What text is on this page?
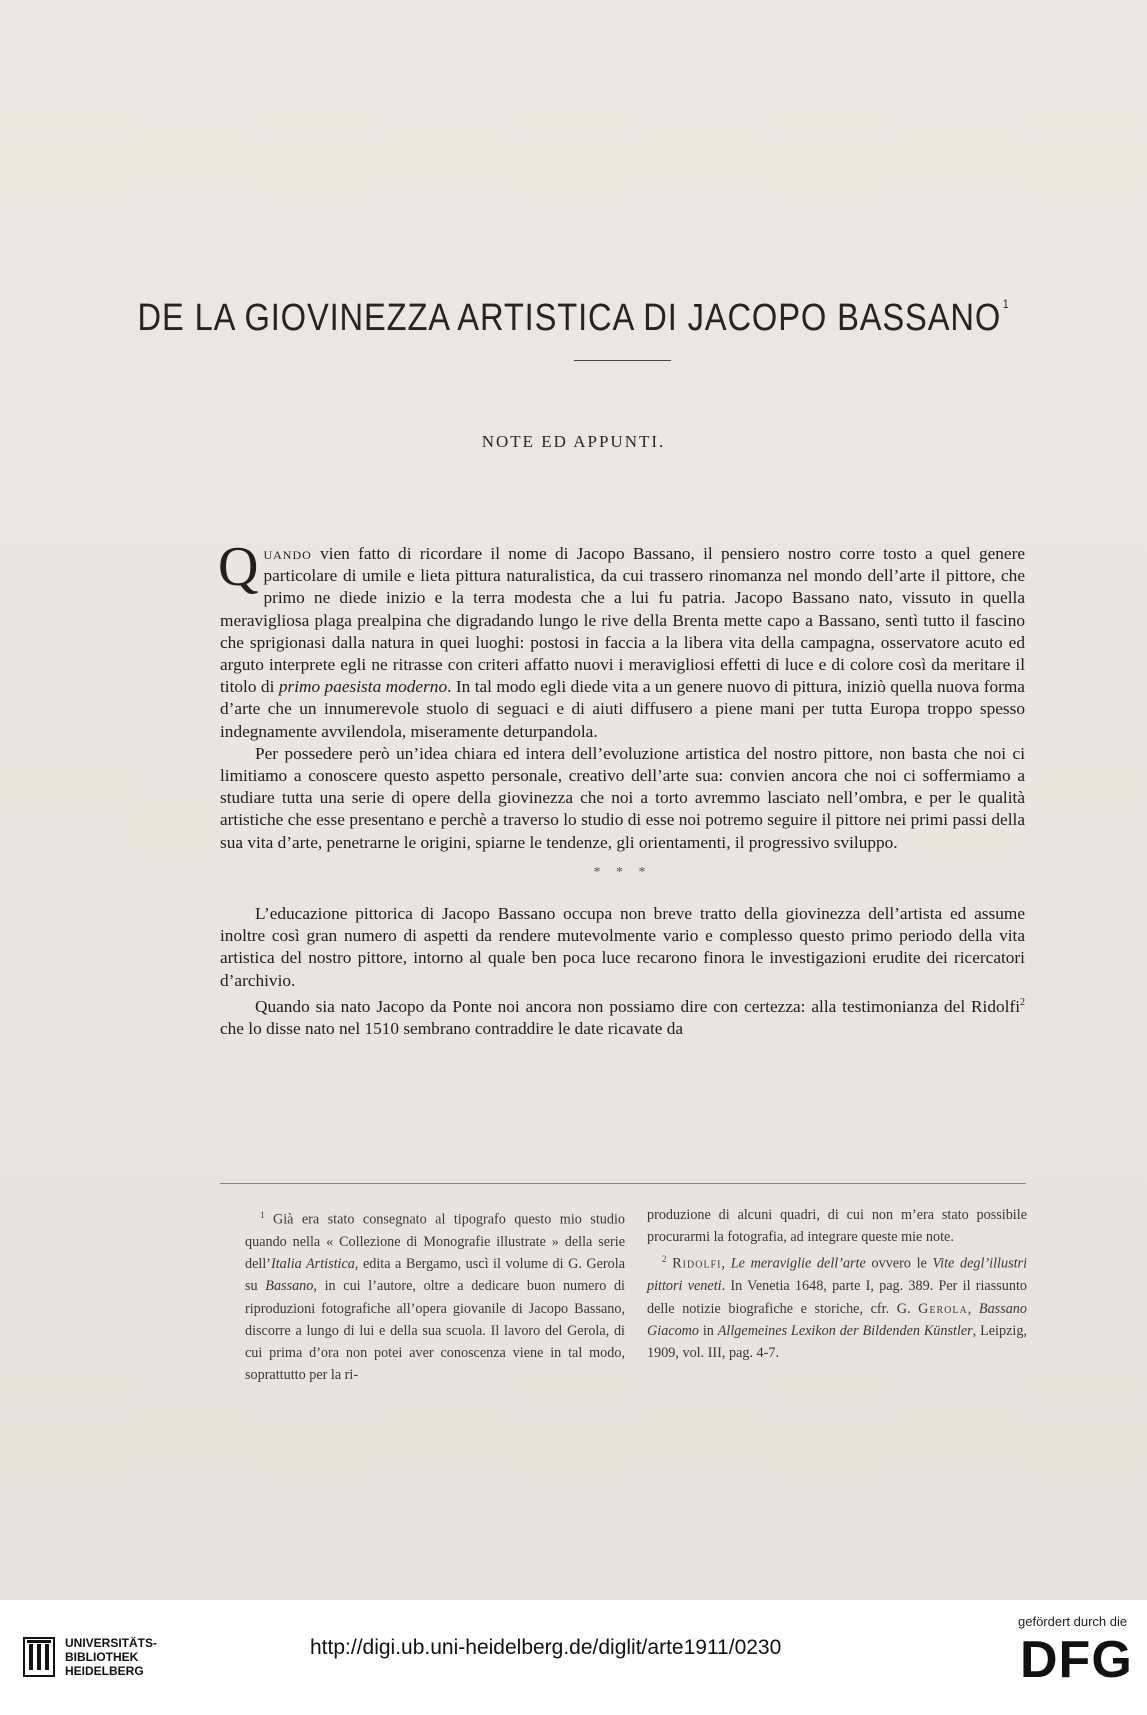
DE LA GIOVINEZZA ARTISTICA DI JACOPO BASSANO $^1$
NOTE ED APPUNTI.

Quando vien fatto di ricordare il nome di Jacopo Bassano, il pensiero nostro corre tosto a quel genere particolare di umile e lieta pittura naturalistica, da cui trassero rinomanza nel mondo dell’arte il pittore, che primo ne diede inizio e la terra modesta che a lui fu patria. Jacopo Bassano nato, vissuto in quella meravigliosa plaga prealpina che digradando lungo le rive della Brenta mette capo a Bassano, sentì tutto il fascino che sprigionasi dalla natura in quei luoghi: postosi in faccia a la libera vita della campagna, osservatore acuto ed arguto interprete egli ne ritrasse con criteri affatto nuovi i meravigliosi effetti di luce e di colore così da meritare il titolo di primo paesista moderno. In tal modo egli diede vita a un genere nuovo di pittura, iniziò quella nuova forma d’arte che un innumerevole stuolo di seguaci e di aiuti diffusero a piene mani per tutta Europa troppo spesso indegnamente avvilendola, miseramente deturpandola.

Per possedere però un’idea chiara ed intera dell’evoluzione artistica del nostro pittore, non basta che noi ci limitiamo a conoscere questo aspetto personale, creativo dell’arte sua: convien ancora che noi ci soffermiamo a studiare tutta una serie di opere della giovinezza che noi a torto avremmo lasciato nell’ombra, e per le qualità artistiche che esse presentano e perchè a traverso lo studio di esse noi potremo seguire il pittore nei primi passi della sua vita d’arte, penetrarne le origini, spiarne le tendenze, gli orientamenti, il progressivo sviluppo.

* * *

L’educazione pittorica di Jacopo Bassano occupa non breve tratto della giovinezza dell’artista ed assume inoltre così gran numero di aspetti da rendere mutevolmente vario e complesso questo primo periodo della vita artistica del nostro pittore, intorno al quale ben poca luce recarono finora le investigazioni erudite dei ricercatori d’archivio.

Quando sia nato Jacopo da Ponte noi ancora non possiamo dire con certezza: alla testimonianza del Ridolfi$^2$ che lo disse nato nel 1510 sembrano contraddire le date ricavate da

$^1$ Già era stato consegnato al tipografo questo mio studio quando nella « Collezione di Monografie illustrate » della serie dell’Italia Artistica, edita a Bergamo, uscì il volume di G. Gerola su Bassano, in cui l’autore, oltre a dedicare buon numero di riproduzioni fotografiche all’opera giovanile di Jacopo Bassano, discorre a lungo di lui e della sua scuola. Il lavoro del Gerola, di cui prima d’ora non potei aver conoscenza viene in tal modo, soprattutto per la ri-

produzione di alcuni quadri, di cui non m’era stato possibile procurarmi la fotografia, ad integrare queste mie note.

$^2$ Ridolfi, Le meraviglie dell’arte ovvero le Vite degl’illustri pittori veneti. In Venetia 1648, parte I, pag. 389. Per il riassunto delle notizie biografiche e storiche, cfr. G. Gerola, Bassano Giacomo in Allgemeines Lexikon der Bildenden Künstler, Leipzig, 1909, vol. III, pag. 4-7.

UNIVERSITÄTS-
BIBLIOTHEK
HEIDELBERG
http://digi.ub.uni-heidelberg.de/diglit/arte1911/0230
gefördert durch die
DFG
